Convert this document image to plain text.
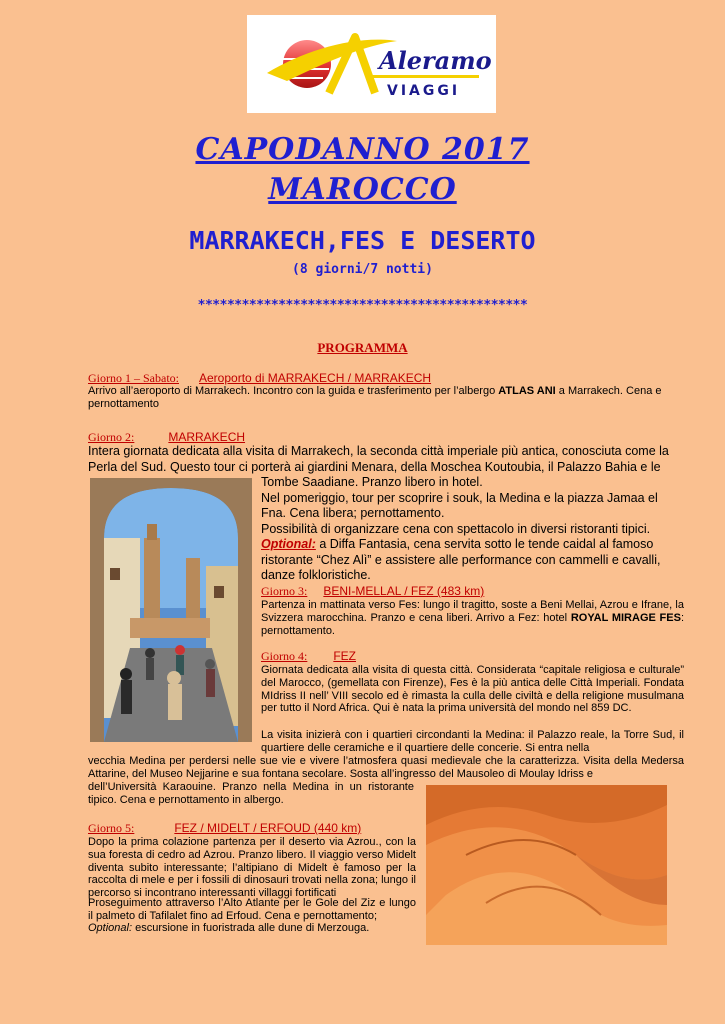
Aleramo
VIAGGI
CAPODANNO 2017
MAROCCO
MARRAKECH,FES E DESERTO
(8 giorni/7 notti)
*********************************************
PROGRAMMA
Giorno 1 – Sabato: Aeroporto di MARRAKECH / MARRAKECH
Arrivo all’aeroporto di Marrakech. Incontro con la guida e trasferimento per l’albergo ATLAS ANI a Marrakech. Cena e pernottamento
Giorno 2:	MARRAKECH

Intera giornata dedicata alla visita di Marrakech, la seconda città imperiale più antica, conosciuta come la

Perla del Sud. Questo tour ci porterà ai giardini Menara, della Moschea Koutoubia, il Palazzo Bahia e le

Tombe Saadiane. Pranzo libero in hotel.

Nel pomeriggio, tour per scoprire i souk, la Medina e la piazza Jamaa el

Fna. Cena libera; pernottamento.

Possibilità di organizzare cena con spettacolo in diversi ristoranti tipici.

Optional: a Diffa Fantasia, cena servita sotto le tende caidal al famoso

ristorante “Chez Alì” e assistere alle performance con cammelli e cavalli,

danze folkloristiche.

Giorno 3: BENI-MELLAL / FEZ (483 km)
Partenza in mattinata verso Fes: lungo il tragitto, soste a Beni Mellai, Azrou e Ifrane, la Svizzera marocchina. Pranzo e cena liberi. Arrivo a Fez: hotel ROYAL MIRAGE FES: pernottamento.
Giorno 4: FEZ
Giornata dedicata alla visita di questa città. Considerata “capitale religiosa e culturale” del Marocco, (gemellata con Firenze), Fes è la più antica delle Città Imperiali. Fondata MIdriss II nell’ VIII secolo ed è rimasta la culla delle civiltà e della religione musulmana per tutto il Nord Africa. Qui è nata la prima università del mondo nel 859 DC.
La visita inizierà con i quartieri circondanti la Medina: il Palazzo reale, la Torre Sud, il quartiere delle ceramiche e il quartiere delle concerie. Si entra nella
vecchia Medina per perdersi nelle sue vie e vivere l’atmosfera quasi medievale che la caratterizza. Visita della Medersa Attarine, del Museo Nejjarine e sua fontana secolare. Sosta all’ingresso del Mausoleo di Moulay Idriss e
dell’Università Karaouine. Pranzo nella Medina in un ristorante tipico. Cena e pernottamento in albergo.
Giorno 5:	FEZ / MIDELT / ERFOUD (440 km)
Dopo la prima colazione partenza per il deserto via Azrou., con la sua foresta di cedro ad Azrou. Pranzo libero. Il viaggio verso Midelt diventa subito interessante; l’altipiano di Midelt è famoso per la raccolta di mele e per i fossili di dinosauri trovati nella zona; lungo il percorso si incontrano interessanti villaggi fortificati
Proseguimento attraverso l’Alto Atlante per le Gole del Ziz e lungo il palmeto di Tafilalet fino ad Erfoud. Cena e pernottamento;
Optional: escursione in fuoristrada alle dune di Merzouga.
